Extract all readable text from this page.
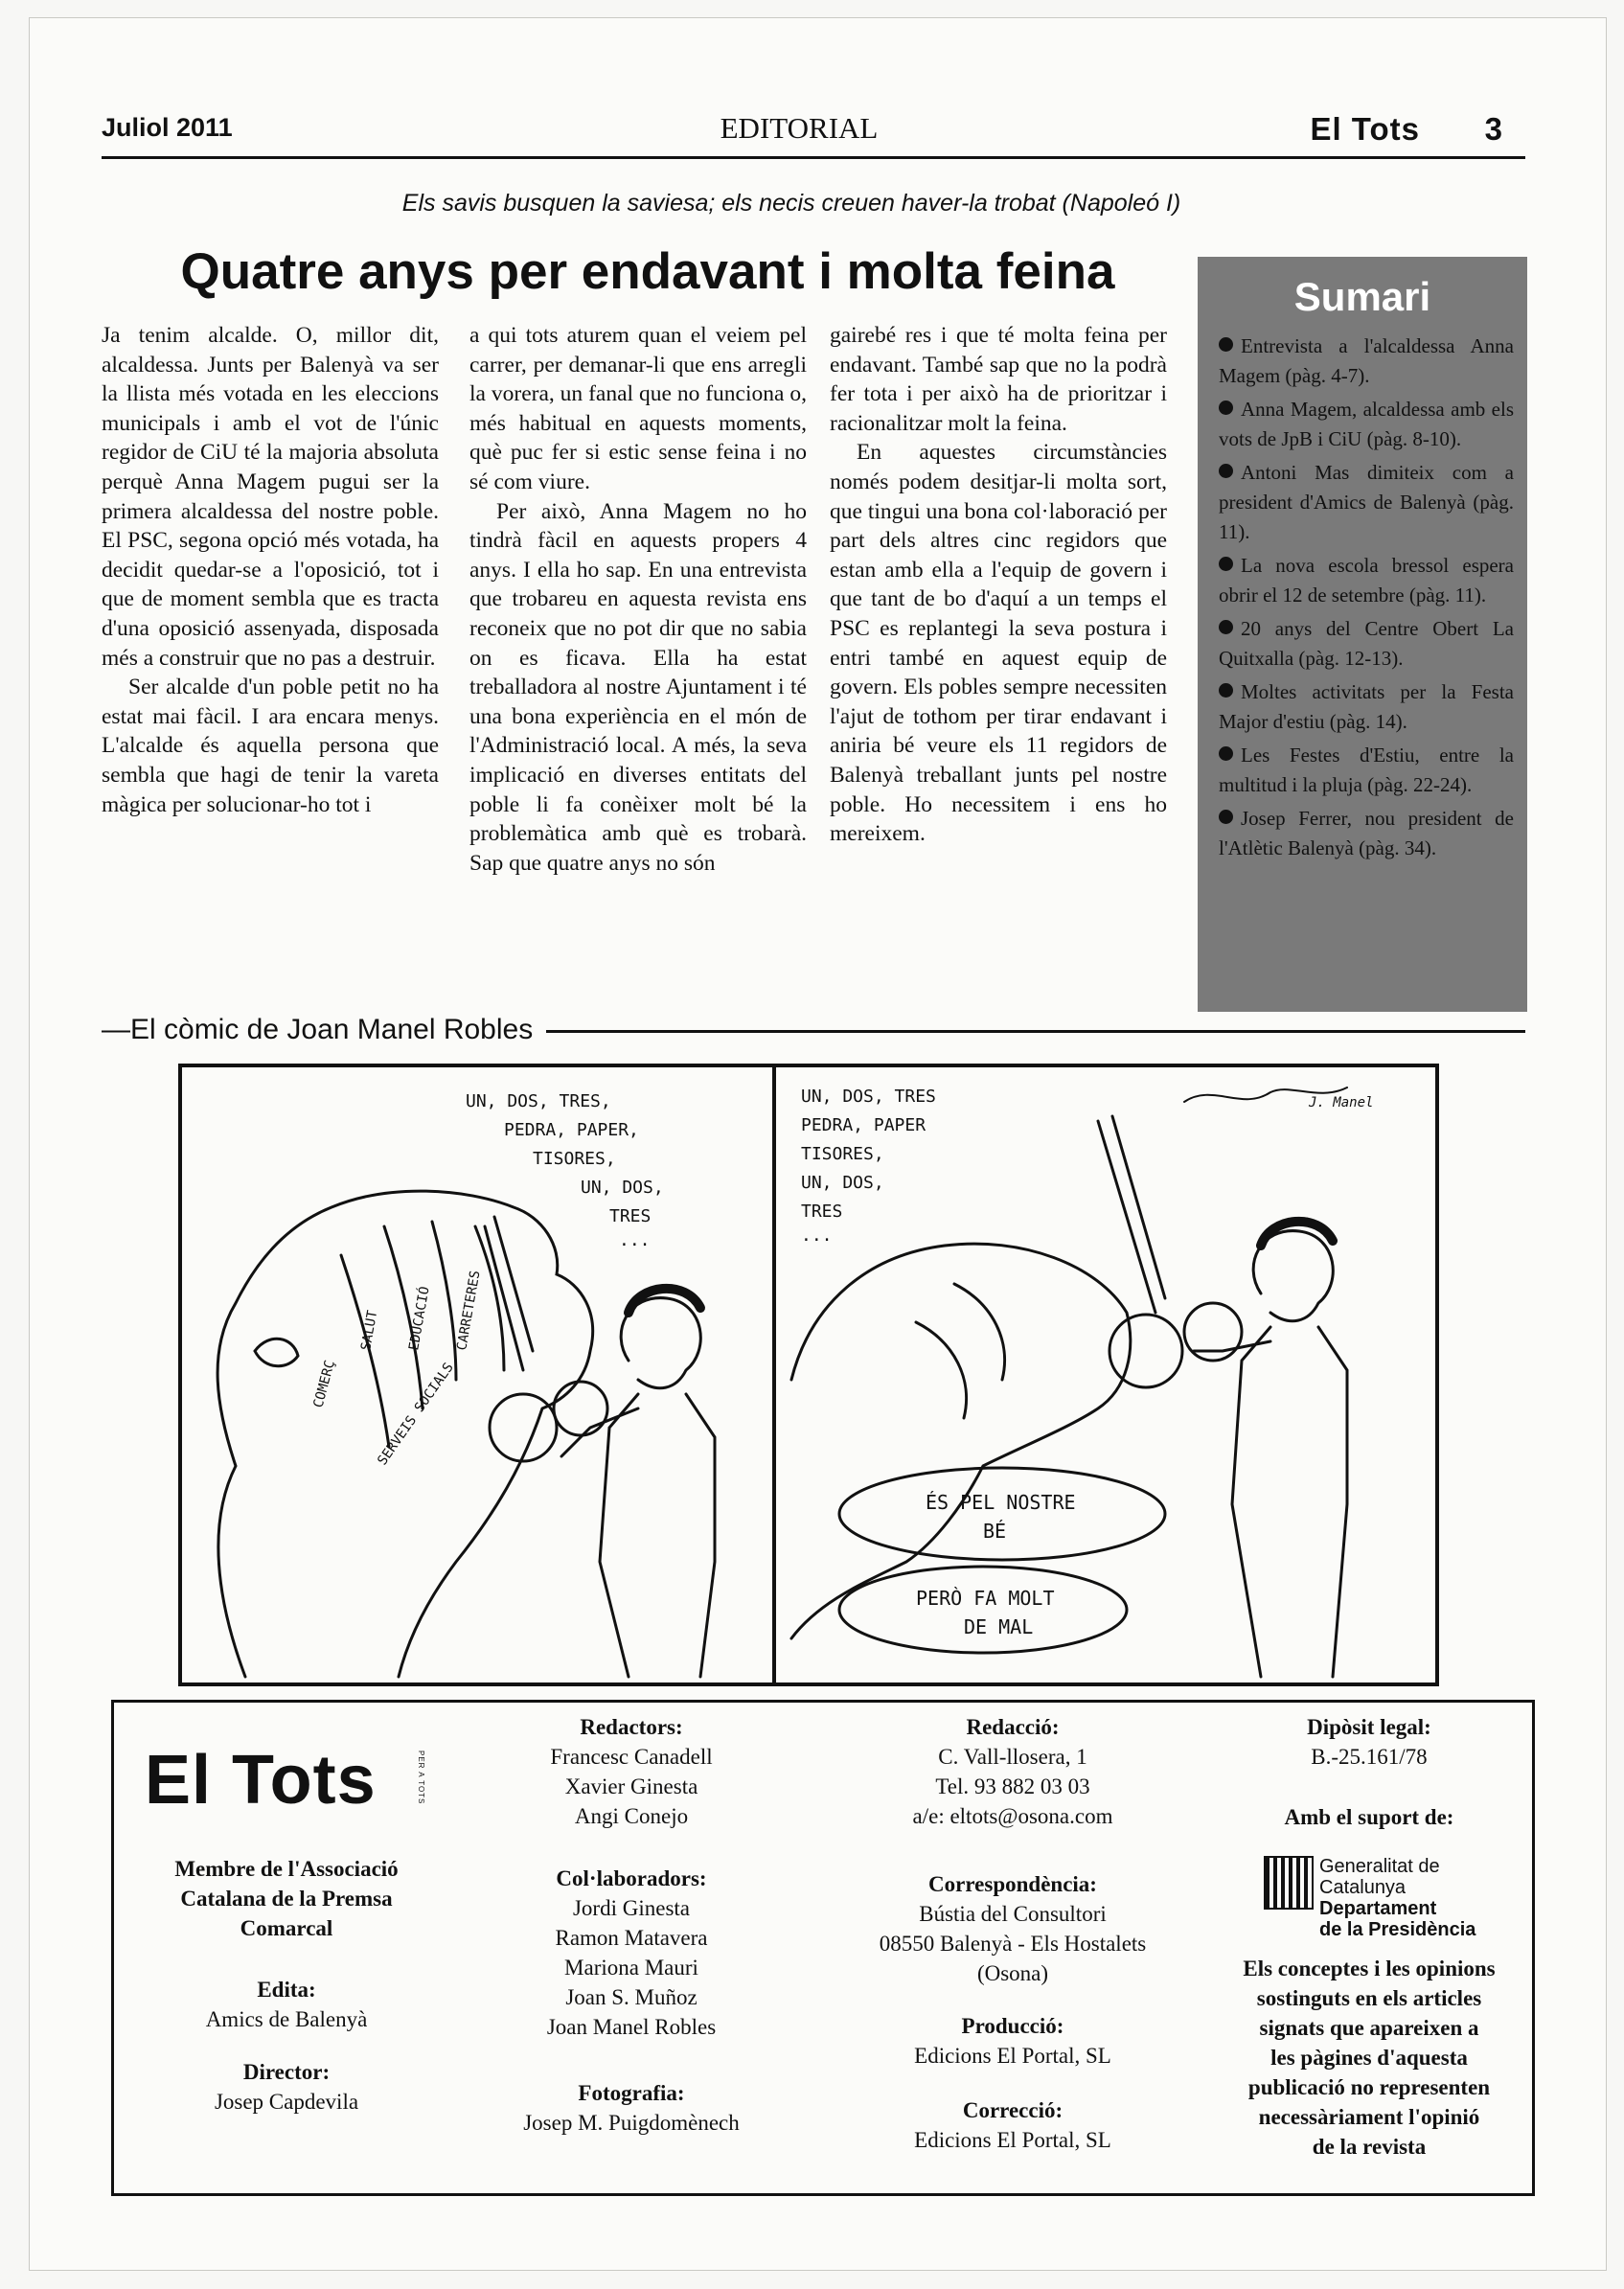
Juliol 2011	EDITORIAL	El Tots 3
Els savis busquen la saviesa; els necis creuen haver-la trobat (Napoleó I)
Quatre anys per endavant i molta feina

Ja tenim alcalde. O, millor dit, alcaldessa. Junts per Balenyà va ser la llista més votada en les eleccions municipals i amb el vot de l'únic regidor de CiU té la majoria absoluta perquè Anna Magem pugui ser la primera alcaldessa del nostre poble. El PSC, segona opció més votada, ha decidit quedar-se a l'oposició, tot i que de moment sembla que es tracta d'una oposició assenyada, disposada més a construir que no pas a destruir.

Ser alcalde d'un poble petit no ha estat mai fàcil. I ara encara menys. L'alcalde és aquella persona que sembla que hagi de tenir la vareta màgica per solucionar-ho tot i

a qui tots aturem quan el veiem pel carrer, per demanar-li que ens arregli la vorera, un fanal que no funciona o, més habitual en aquests moments, què puc fer si estic sense feina i no sé com viure.

Per això, Anna Magem no ho tindrà fàcil en aquests propers 4 anys. I ella ho sap. En una entrevista que trobareu en aquesta revista ens reconeix que no pot dir que no sabia on es ficava. Ella ha estat treballadora al nostre Ajuntament i té una bona experiència en el món de l'Administració local. A més, la seva implicació en diverses entitats del poble li fa conèixer molt bé la problemàtica amb què es trobarà. Sap que quatre anys no són

gairebé res i que té molta feina per endavant. També sap que no la podrà fer tota i per això ha de prioritzar i racionalitzar molt la feina.

En aquestes circumstàncies només podem desitjar-li molta sort, que tingui una bona col·laboració per part dels altres cinc regidors que estan amb ella a l'equip de govern i que tant de bo d'aquí a un temps el PSC es replantegi la seva postura i entri també en aquest equip de govern. Els pobles sempre necessiten l'ajut de tothom per tirar endavant i aniria bé veure els 11 regidors de Balenyà treballant junts pel nostre poble. Ho necessitem i ens ho mereixem.

Sumari
Entrevista a l'alcaldessa Anna Magem (pàg. 4-7).
Anna Magem, alcaldessa amb els vots de JpB i CiU (pàg. 8-10).
Antoni Mas dimiteix com a president d'Amics de Balenyà (pàg. 11).
La nova escola bressol espera obrir el 12 de setembre (pàg. 11).
20 anys del Centre Obert La Quitxalla (pàg. 12-13).
Moltes activitats per la Festa Major d'estiu (pàg. 14).
Les Festes d'Estiu, entre la multitud i la pluja (pàg. 22-24).
Josep Ferrer, nou president de l'Atlètic Balenyà (pàg. 34).
—El còmic de Joan Manel Robles
UN, DOS, TRES,
PEDRA, PAPER,
TISORES,
UN, DOS,
TRES
...
COMERÇ
SALUT EDUCACIÓ CARRETERES
SERVEIS SOCIALS
UN, DOS, TRES
PEDRA, PAPER
TISORES,
UN, DOS,
TRES
...
ÉS PEL NOSTRE
BÉ
PERÒ FA MOLT
DE MAL
J. Manel
El Tots	PER A TOTS
Membre de l'Associació
Catalana de la Premsa
Comarcal
Edita:
Amics de Balenyà
Director:
Josep Capdevila
Redactors:
Francesc Canadell
Xavier Ginesta
Angi Conejo
Col·laboradors:
Jordi Ginesta
Ramon Matavera
Mariona Mauri
Joan S. Muñoz
Joan Manel Robles
Fotografia:
Josep M. Puigdomènech
Redacció:
C. Vall-llosera, 1
Tel. 93 882 03 03
a/e: eltots@osona.com
Correspondència:
Bústia del Consultori
08550 Balenyà - Els Hostalets
(Osona)
Producció:
Edicions El Portal, SL
Correcció:
Edicions El Portal, SL
Dipòsit legal:
B.-25.161/78
Amb el suport de:
Generalitat de Catalunya
Departament
de la Presidència
Els conceptes i les opinions
sostinguts en els articles
signats que apareixen a
les pàgines d'aquesta
publicació no representen
necessàriament l'opinió
de la revista
